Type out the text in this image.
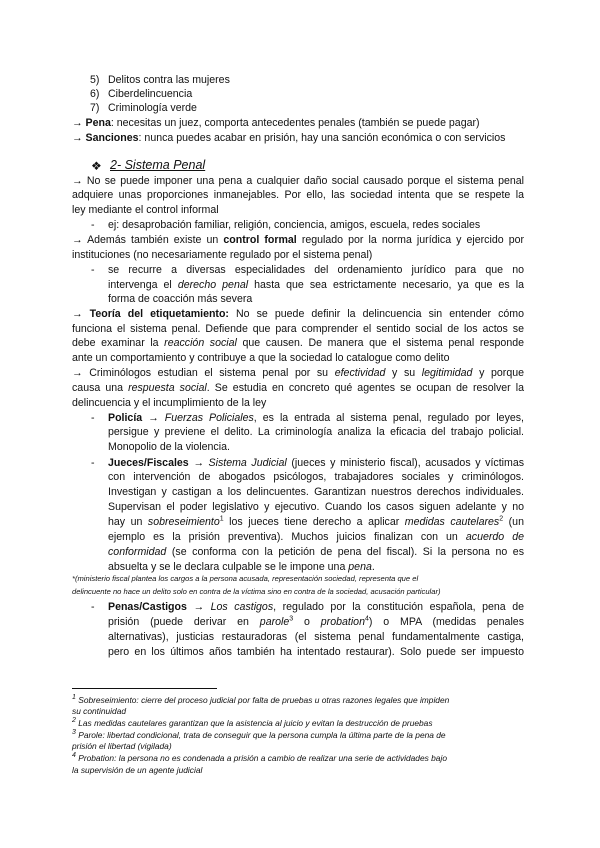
5) Delitos contra las mujeres
6) Ciberdelincuencia
7) Criminología verde
→ Pena: necesitas un juez, comporta antecedentes penales (también se puede pagar)
→ Sanciones: nunca puedes acabar en prisión, hay una sanción económica o con servicios
❖ 2- Sistema Penal
→ No se puede imponer una pena a cualquier daño social causado porque el sistema penal
adquiere unas proporciones inmanejables. Por ello, las sociedad intenta que se respete la
ley mediante el control informal
- ej: desaprobación familiar, religión, conciencia, amigos, escuela, redes sociales
→ Además también existe un control formal regulado por la norma jurídica y ejercido por
instituciones (no necesariamente regulado por el sistema penal)
- se recurre a diversas especialidades del ordenamiento jurídico para que no
intervenga el derecho penal hasta que sea estrictamente necesario, ya que es la
forma de coacción más severa
→ Teoría del etiquetamiento: No se puede definir la delincuencia sin entender cómo
funciona el sistema penal. Defiende que para comprender el sentido social de los actos se
debe examinar la reacción social que causen. De manera que el sistema penal responde
ante un comportamiento y contribuye a que la sociedad lo catalogue como delito
→ Criminólogos estudian el sistema penal por su efectividad y su legitimidad y porque
causa una respuesta social. Se estudia en concreto qué agentes se ocupan de resolver la
delincuencia y el incumplimiento de la ley
- Policía → Fuerzas Policiales, es la entrada al sistema penal, regulado por leyes,
persigue y previene el delito. La criminología analiza la eficacia del trabajo policial.
Monopolio de la violencia.
- Jueces/Fiscales → Sistema Judicial (jueces y ministerio fiscal), acusados y víctimas
con intervención de abogados psicólogos, trabajadores sociales y criminólogos.
Investigan y castigan a los delincuentes. Garantizan nuestros derechos individuales.
Supervisan el poder legislativo y ejecutivo. Cuando los casos siguen adelante y no
hay un sobreseimiento$^1$ los jueces tiene derecho a aplicar medidas cautelares$^2$ (un
ejemplo es la prisión preventiva). Muchos juicios finalizan con un acuerdo de
conformidad (se conforma con la petición de pena del fiscal). Si la persona no es
absuelta y se le declara culpable se le impone una pena.
*(ministerio fiscal plantea los cargos a la persona acusada, representación sociedad, representa que el
delincuente no hace un delito solo en contra de la víctima sino en contra de la sociedad, acusación particular)
- Penas/Castigos → Los castigos, regulado por la constitución española, pena de
prisión (puede derivar en parole$^3$ o probation$^4$) o MPA (medidas penales
alternativas), justicias restauradoras (el sistema penal fundamentalmente castiga,
pero en los últimos años también ha intentado restaurar). Solo puede ser impuesto
$^1$ Sobreseimiento: cierre del proceso judicial por falta de pruebas u otras razones legales que impiden
su continuidad
$^2$ Las medidas cautelares garantizan que la asistencia al juicio y evitan la destrucción de pruebas
$^3$ Parole: libertad condicional, trata de conseguir que la persona cumpla la última parte de la pena de
prisión el libertad (vigilada)
$^4$ Probation: la persona no es condenada a prisión a cambio de realizar una serie de actividades bajo
la supervisión de un agente judicial
